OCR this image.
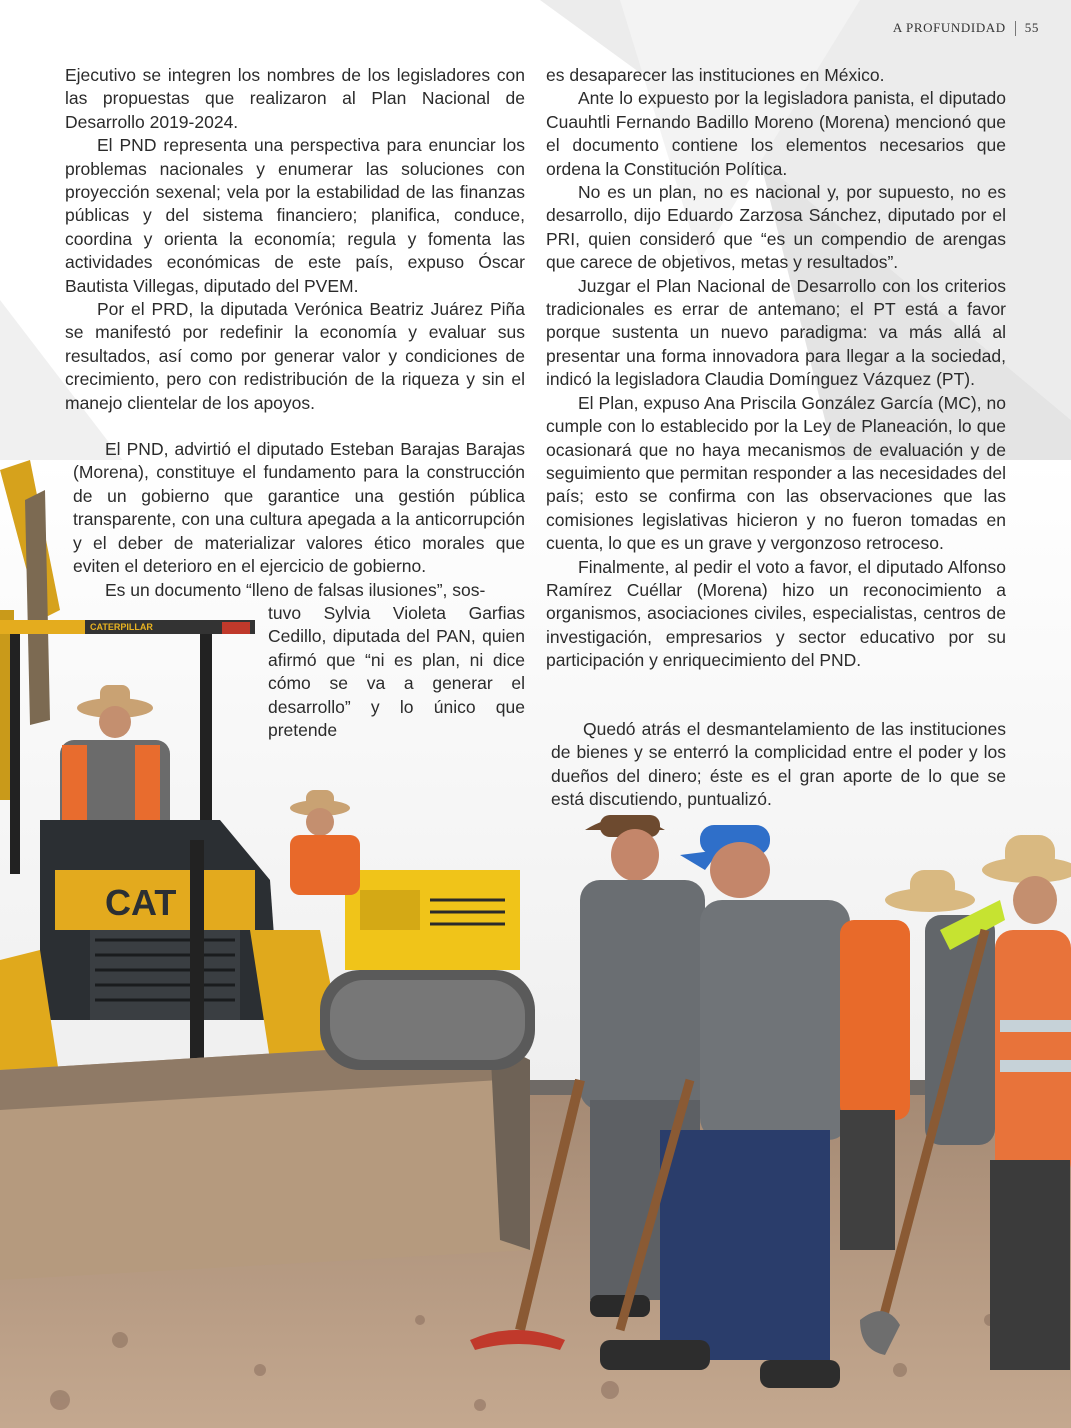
A PROFUNDIDAD 55
CATERPILLAR
CAT

Ejecutivo se integren los nombres de los legisladores con las propuestas que realizaron al Plan Nacional de Desarrollo 2019-2024.

El PND representa una perspectiva para enunciar los problemas nacionales y enumerar las soluciones con proyección sexenal; vela por la estabilidad de las finanzas públicas y del sistema financiero; planifica, conduce, coordina y orienta la economía; regula y fomenta las actividades económicas de este país, expuso Óscar Bautista Villegas, diputado del PVEM.

Por el PRD, la diputada Verónica Beatriz Juárez Piña se manifestó por redefinir la economía y evaluar sus resultados, así como por generar valor y condiciones de crecimiento, pero con redistribución de la riqueza y sin el manejo clientelar de los apoyos.

El PND, advirtió el diputado Esteban Barajas Barajas (Morena), constituye el fundamento para la construcción de un gobierno que garantice una gestión pública transparente, con una cultura apegada a la anticorrupción y el deber de materializar valores ético morales que eviten el deterioro en el ejercicio de gobierno.

Es un documento “lleno de falsas ilusiones”, sos-

tuvo Sylvia Violeta Garfias Cedillo, diputada del PAN, quien afirmó que “ni es plan, ni dice cómo se va a generar el desarrollo” y lo único que pretende

es desaparecer las instituciones en México.

Ante lo expuesto por la legisladora panista, el diputado Cuauhtli Fernando Badillo Moreno (Morena) mencionó que el documento contiene los elementos necesarios que ordena la Constitución Política.

No es un plan, no es nacional y, por supuesto, no es desarrollo, dijo Eduardo Zarzosa Sánchez, diputado por el PRI, quien consideró que “es un compendio de arengas que carece de objetivos, metas y resultados”.

Juzgar el Plan Nacional de Desarrollo con los criterios tradicionales es errar de antemano; el PT está a favor porque sustenta un nuevo paradigma: va más allá al presentar una forma innovadora para llegar a la sociedad, indicó la legisladora Claudia Domínguez Vázquez (PT).

El Plan, expuso Ana Priscila González García (MC), no cumple con lo establecido por la Ley de Planeación, lo que ocasionará que no haya mecanismos de evaluación y de seguimiento que permitan responder a las necesidades del país; esto se confirma con las observaciones que las comisiones legislativas hicieron y no fueron tomadas en cuenta, lo que es un grave y vergonzoso retroceso.

Finalmente, al pedir el voto a favor, el diputado Alfonso Ramírez Cuéllar (Morena) hizo un reconocimiento a organismos, asociaciones civiles, especialistas, centros de investigación, empresarios y sector educativo por su participación y enriquecimiento del PND.

Quedó atrás el desmantelamiento de las instituciones de bienes y se enterró la complicidad entre el poder y los dueños del dinero; éste es el gran aporte de lo que se está discutiendo, puntualizó.
